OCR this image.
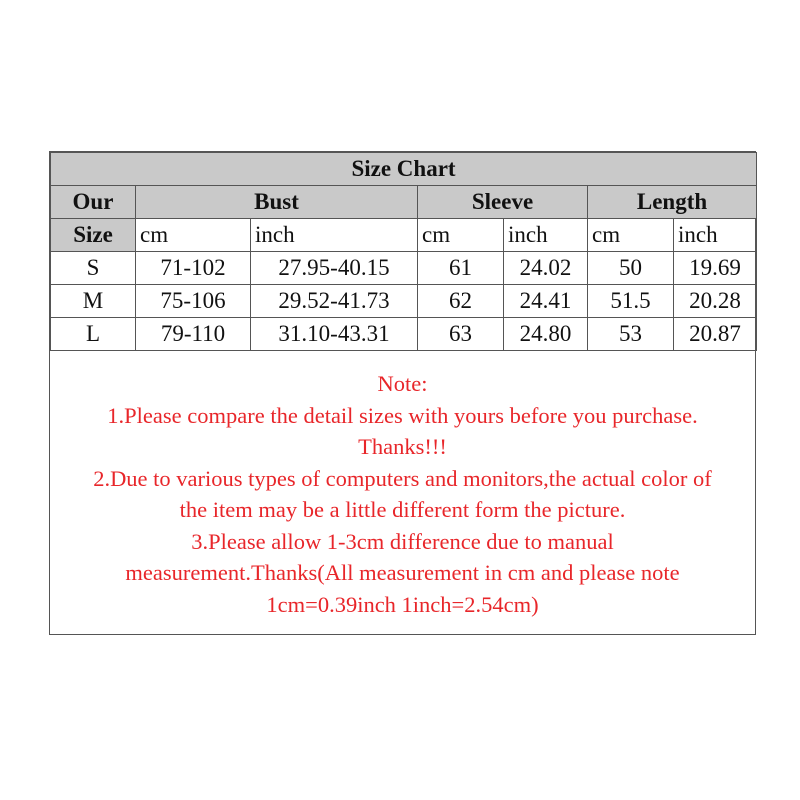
Size Chart						
Our	Bust		Sleeve		Length	
Size	cm	inch	cm	inch	cm	inch
S	71-102	27.95-40.15	61	24.02	50	19.69
M	75-106	29.52-41.73	62	24.41	51.5	20.28
L	79-110	31.10-43.31	63	24.80	53	20.87
Note:
1.Please compare the detail sizes with yours before you purchase.
Thanks!!!
2.Due to various types of computers and monitors,the actual color of
the item may be a little different form the picture.
3.Please allow 1-3cm difference due to manual
measurement.Thanks(All measurement in cm and please note
1cm=0.39inch 1inch=2.54cm)
